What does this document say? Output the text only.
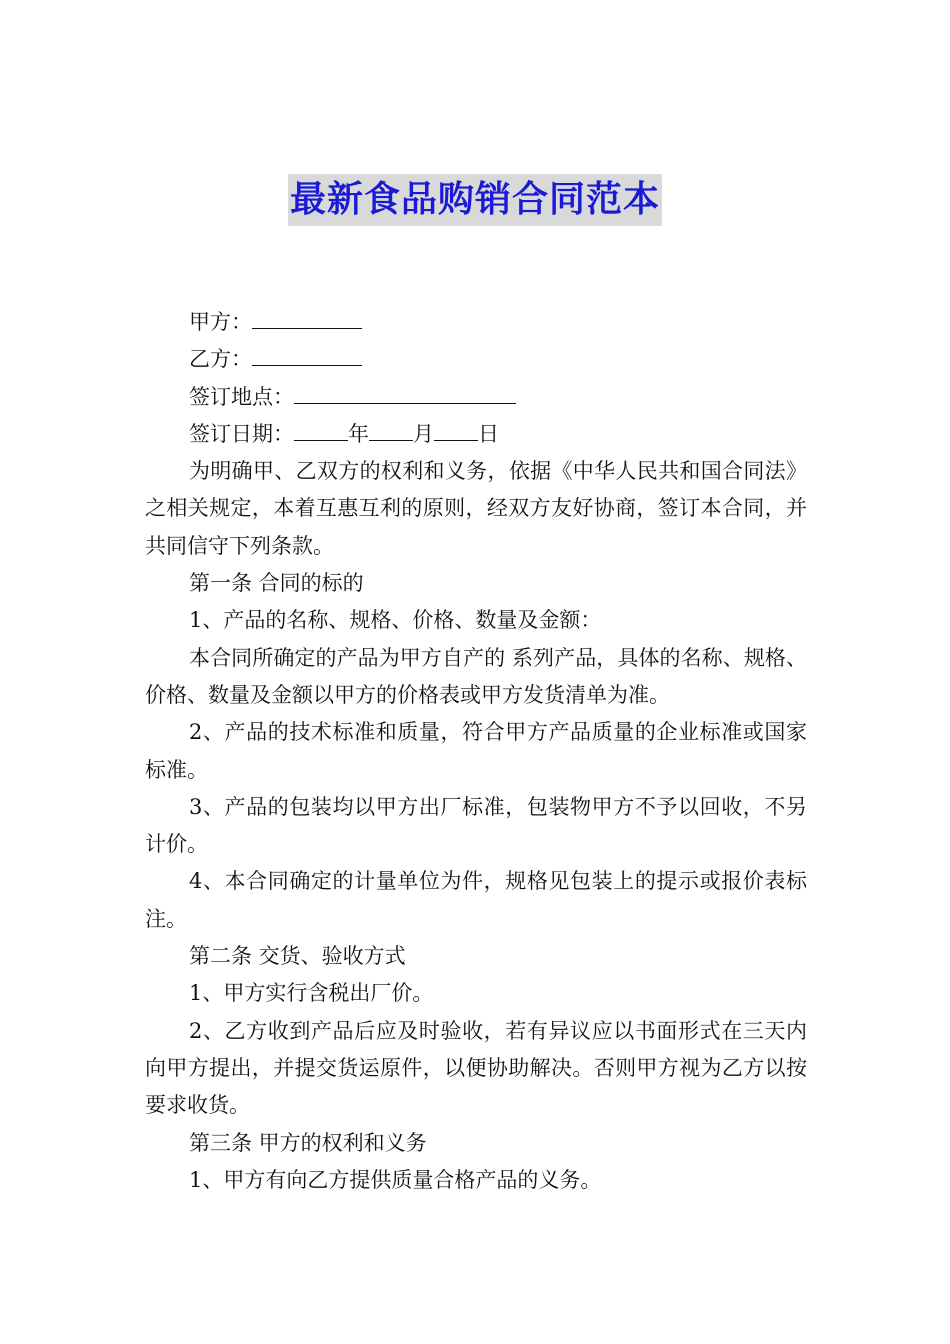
最新食品购销合同范本

甲方：

乙方：

签订地点：

签订日期：	年 月 日

为明确甲、乙双方的权利和义务，依据《中华人民共和国合同法》之相关规定，本着互惠互利的原则，经双方友好协商，签订本合同，并共同信守下列条款。

第一条 合同的标的

1、产品的名称、规格、价格、数量及金额：

本合同所确定的产品为甲方自产的 系列产品，具体的名称、规格、价格、数量及金额以甲方的价格表或甲方发货清单为准。

2、产品的技术标准和质量，符合甲方产品质量的企业标准或国家标准。

3、产品的包装均以甲方出厂标准，包装物甲方不予以回收，不另计价。

4、本合同确定的计量单位为件，规格见包装上的提示或报价表标注。

第二条 交货、验收方式

1、甲方实行含税出厂价。

2、乙方收到产品后应及时验收，若有异议应以书面形式在三天内向甲方提出，并提交货运原件，以便协助解决。否则甲方视为乙方以按要求收货。

第三条 甲方的权利和义务

1、甲方有向乙方提供质量合格产品的义务。
